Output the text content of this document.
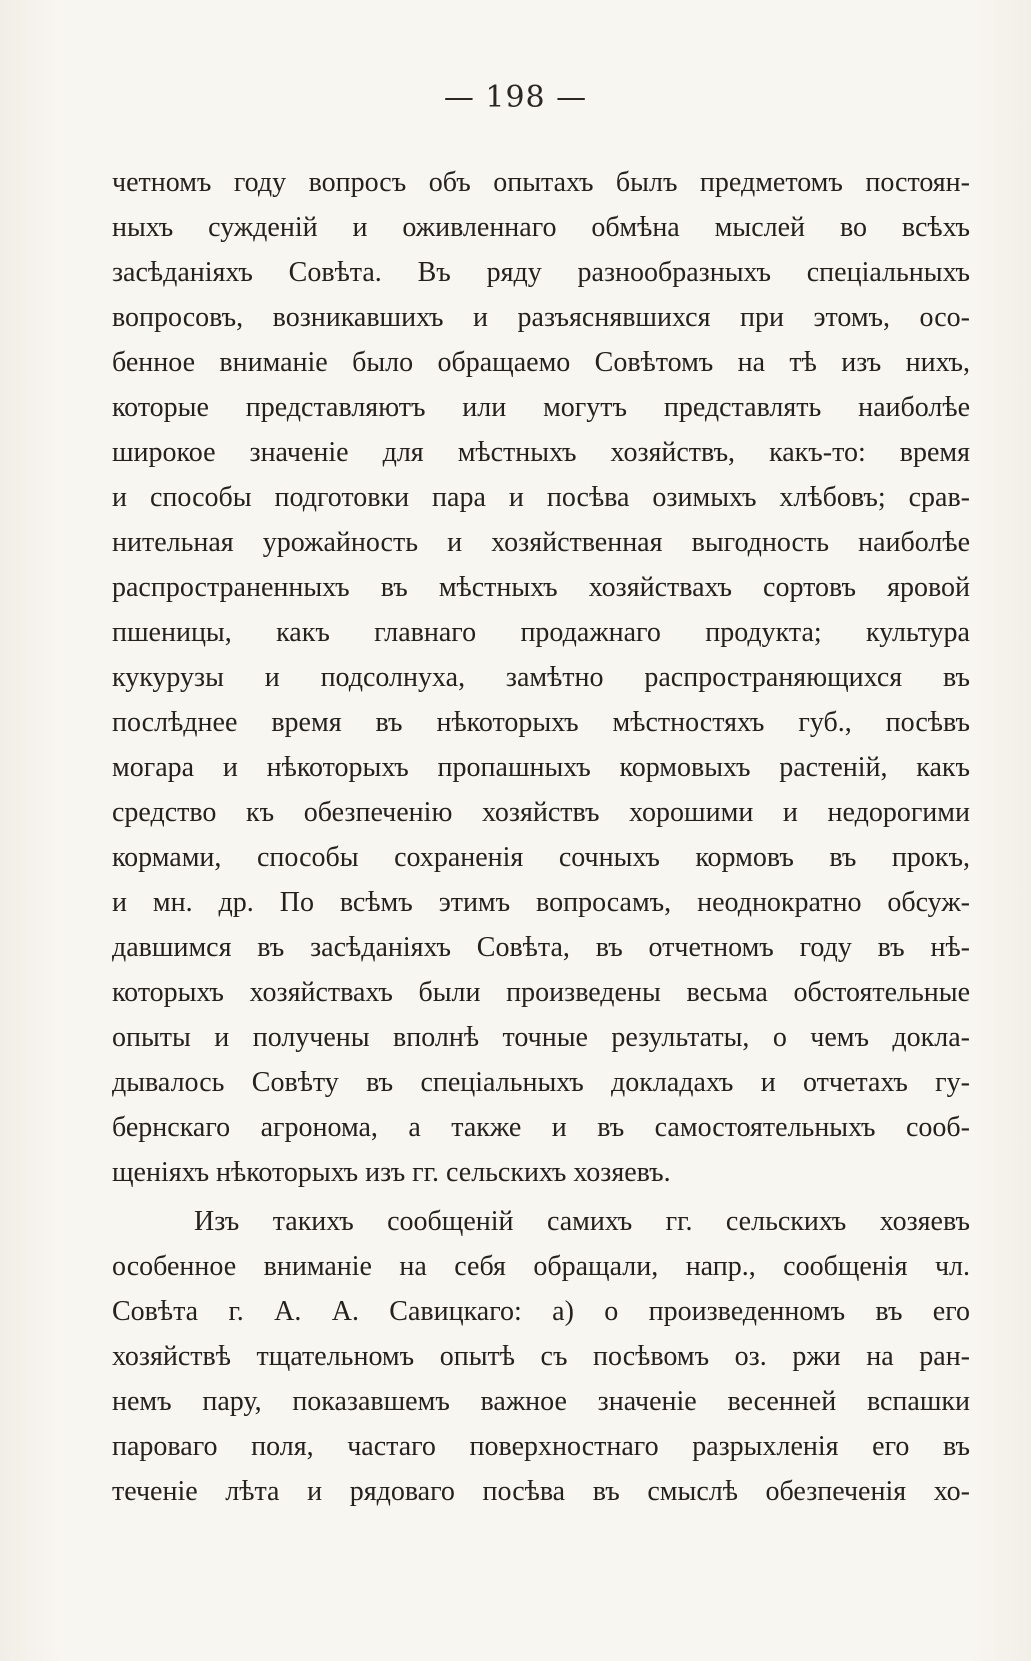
— 198 —
четномъ году вопросъ объ опытахъ былъ предметомъ постоян-
ныхъ сужденій и оживленнаго обмѣна мыслей во всѣхъ
засѣданіяхъ Совѣта. Въ ряду разнообразныхъ спеціальныхъ
вопросовъ, возникавшихъ и разъяснявшихся при этомъ, осо-
бенное вниманіе было обращаемо Совѣтомъ на тѣ изъ нихъ,
которые представляютъ или могутъ представлять наиболѣе
широкое значеніе для мѣстныхъ хозяйствъ, какъ-то: время
и способы подготовки пара и посѣва озимыхъ хлѣбовъ; срав-
нительная урожайность и хозяйственная выгодность наиболѣе
распространенныхъ въ мѣстныхъ хозяйствахъ сортовъ яровой
пшеницы, какъ главнаго продажнаго продукта; культура
кукурузы и подсолнуха, замѣтно распространяющихся въ
послѣднее время въ нѣкоторыхъ мѣстностяхъ губ., посѣвъ
могара и нѣкоторыхъ пропашныхъ кормовыхъ растеній, какъ
средство къ обезпеченію хозяйствъ хорошими и недорогими
кормами, способы сохраненія сочныхъ кормовъ въ прокъ,
и мн. др. По всѣмъ этимъ вопросамъ, неоднократно обсуж-
давшимся въ засѣданіяхъ Совѣта, въ отчетномъ году въ нѣ-
которыхъ хозяйствахъ были произведены весьма обстоятельные
опыты и получены вполнѣ точные результаты, о чемъ докла-
дывалось Совѣту въ спеціальныхъ докладахъ и отчетахъ гу-
бернскаго агронома, а также и въ самостоятельныхъ сооб-
щеніяхъ нѣкоторыхъ изъ гг. сельскихъ хозяевъ.
Изъ такихъ сообщеній самихъ гг. сельскихъ хозяевъ
особенное вниманіе на себя обращали, напр., сообщенія чл.
Совѣта г. А. А. Савицкаго: а) о произведенномъ въ его
хозяйствѣ тщательномъ опытѣ съ посѣвомъ оз. ржи на ран-
немъ пару, показавшемъ важное значеніе весенней вспашки
пароваго поля, частаго поверхностнаго разрыхленія его въ
теченіе лѣта и рядоваго посѣва въ смыслѣ обезпеченія хо-
